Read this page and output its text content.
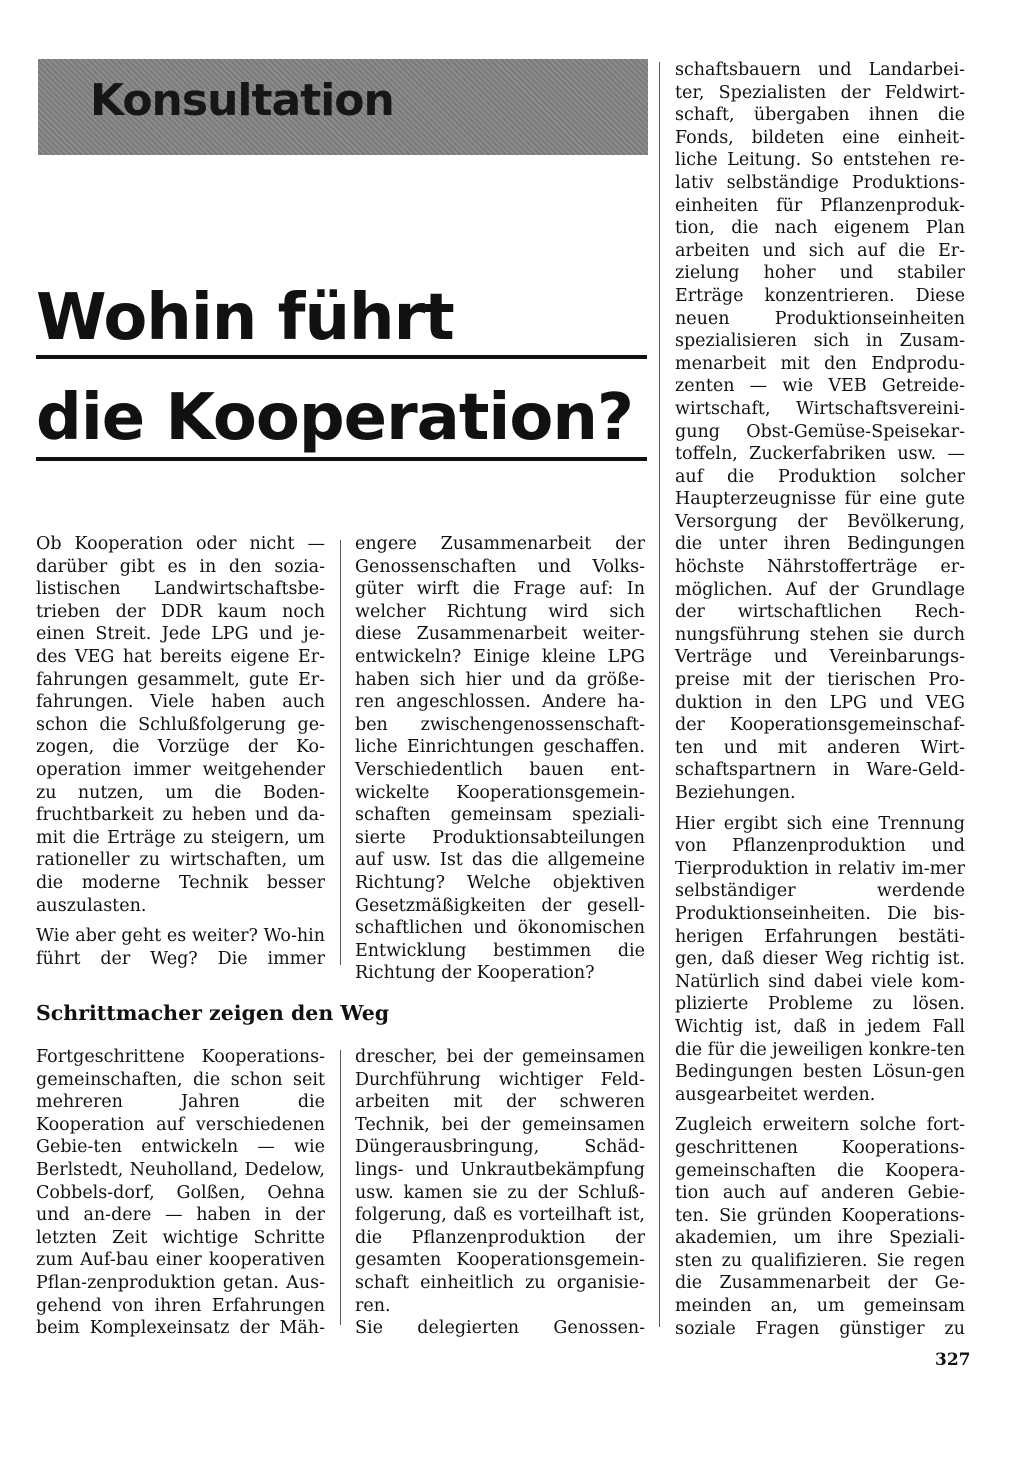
Konsultation
Wohin führt
die Kooperation?

Ob Kooperation oder nicht — darüber gibt es in den sozia-listischen Landwirtschaftsbe-trieben der DDR kaum noch einen Streit. Jede LPG und je-des VEG hat bereits eigene Er-fahrungen gesammelt, gute Er-fahrungen. Viele haben auch schon die Schlußfolgerung ge-zogen, die Vorzüge der Ko-operation immer weitgehender zu nutzen, um die Boden-fruchtbarkeit zu heben und da-mit die Erträge zu steigern, um rationeller zu wirtschaften, um die moderne Technik besser auszulasten.

Wie aber geht es weiter? Wo-hin führt der Weg? Die immer

engere Zusammenarbeit der Genossenschaften und Volks-güter wirft die Frage auf: In welcher Richtung wird sich diese Zusammenarbeit weiter-entwickeln? Einige kleine LPG haben sich hier und da größe-ren angeschlossen. Andere ha-ben zwischengenossenschaft-liche Einrichtungen geschaffen. Verschiedentlich bauen ent-wickelte Kooperationsgemein-schaften gemeinsam speziali-sierte Produktionsabteilungen auf usw. Ist das die allgemeine Richtung? Welche objektiven Gesetzmäßigkeiten der gesell-schaftlichen und ökonomischen Entwicklung bestimmen die Richtung der Kooperation?

Schrittmacher zeigen den Weg

Fortgeschrittene Kooperations-gemeinschaften, die schon seit mehreren Jahren die Kooperation auf verschiedenen Gebie-ten entwickeln — wie Berlstedt, Neuholland, Dedelow, Cobbels-dorf, Golßen, Oehna und an-dere — haben in der letzten Zeit wichtige Schritte zum Auf-bau einer kooperativen Pflan-zenproduktion getan. Aus-gehend von ihren Erfahrungen beim Komplexeinsatz der Mäh-

drescher, bei der gemeinsamen Durchführung wichtiger Feld-arbeiten mit der schweren Technik, bei der gemeinsamen Düngerausbringung, Schäd-lings- und Unkrautbekämpfung usw. kamen sie zu der Schluß-folgerung, daß es vorteilhaft ist, die Pflanzenproduktion der gesamten Kooperationsgemein-schaft einheitlich zu organisie-ren.

Sie delegierten Genossen-

schaftsbauern und Landarbei-ter, Spezialisten der Feldwirt-schaft, übergaben ihnen die Fonds, bildeten eine einheit-liche Leitung. So entstehen re-lativ selbständige Produktions-einheiten für Pflanzenproduk-tion, die nach eigenem Plan arbeiten und sich auf die Er-zielung hoher und stabiler Erträge konzentrieren. Diese neuen Produktionseinheiten spezialisieren sich in Zusam-menarbeit mit den Endprodu-zenten — wie VEB Getreide-wirtschaft, Wirtschaftsvereini-gung Obst-Gemüse-Speisekar-toffeln, Zuckerfabriken usw. — auf die Produktion solcher Haupterzeugnisse für eine gute Versorgung der Bevölkerung, die unter ihren Bedingungen höchste Nährstofferträge er-möglichen. Auf der Grundlage der wirtschaftlichen Rech-nungsführung stehen sie durch Verträge und Vereinbarungs-preise mit der tierischen Pro-duktion in den LPG und VEG der Kooperationsgemeinschaf-ten und mit anderen Wirt-schaftspartnern in Ware-Geld-Beziehungen.

Hier ergibt sich eine Trennung von Pflanzenproduktion und Tierproduktion in relativ im-mer selbständiger werdende Produktionseinheiten. Die bis-herigen Erfahrungen bestäti-gen, daß dieser Weg richtig ist. Natürlich sind dabei viele kom-plizierte Probleme zu lösen. Wichtig ist, daß in jedem Fall die für die jeweiligen konkre-ten Bedingungen besten Lösun-gen ausgearbeitet werden.

Zugleich erweitern solche fort-geschrittenen Kooperations-gemeinschaften die Koopera-tion auch auf anderen Gebie-ten. Sie gründen Kooperations-akademien, um ihre Speziali-sten zu qualifizieren. Sie regen die Zusammenarbeit der Ge-meinden an, um gemeinsam soziale Fragen günstiger zu

327
